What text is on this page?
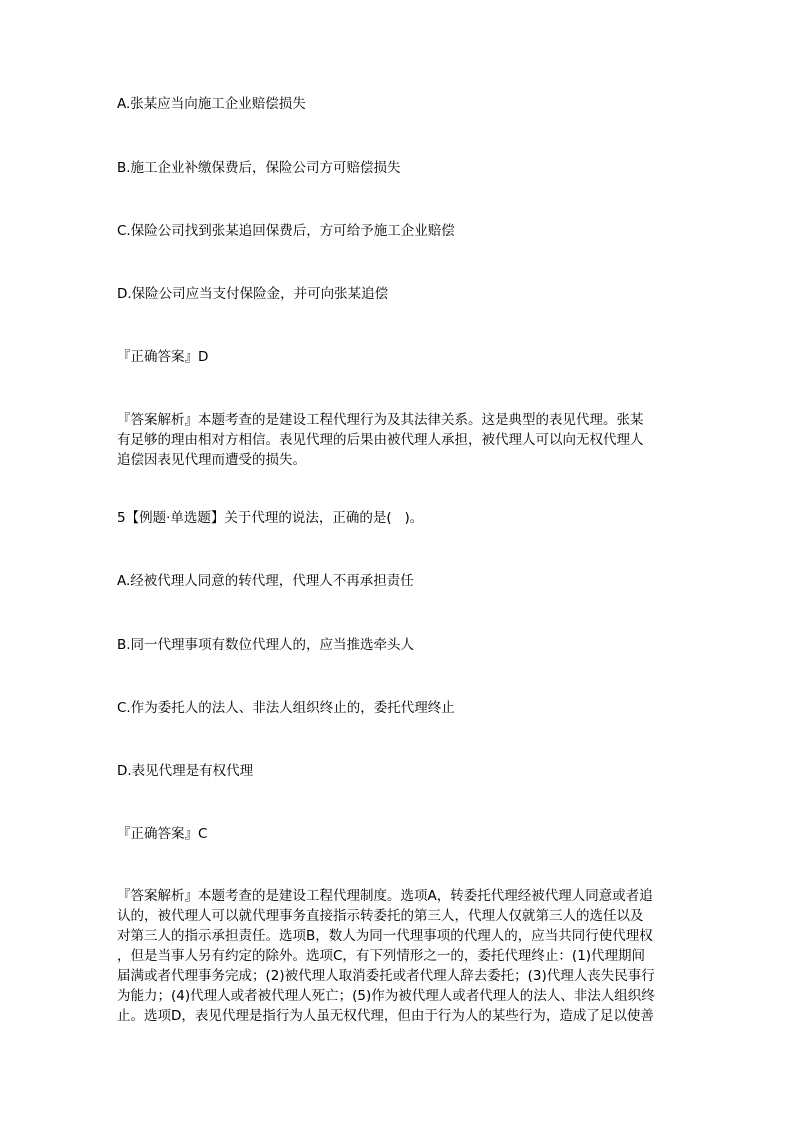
A.张某应当向施工企业赔偿损失

B.施工企业补缴保费后，保险公司方可赔偿损失

C.保险公司找到张某追回保费后，方可给予施工企业赔偿

D.保险公司应当支付保险金，并可向张某追偿

『正确答案』D

『答案解析』本题考查的是建设工程代理行为及其法律关系。这是典型的表见代理。张某
有足够的理由相对方相信。表见代理的后果由被代理人承担，被代理人可以向无权代理人
追偿因表见代理而遭受的损失。

5【例题·单选题】关于代理的说法，正确的是(   )。

A.经被代理人同意的转代理，代理人不再承担责任

B.同一代理事项有数位代理人的，应当推选牵头人

C.作为委托人的法人、非法人组织终止的，委托代理终止

D.表见代理是有权代理

『正确答案』C

『答案解析』本题考查的是建设工程代理制度。选项A，转委托代理经被代理人同意或者追
认的，被代理人可以就代理事务直接指示转委托的第三人，代理人仅就第三人的选任以及
对第三人的指示承担责任。选项B，数人为同一代理事项的代理人的，应当共同行使代理权
，但是当事人另有约定的除外。选项C，有下列情形之一的，委托代理终止：(1)代理期间
届满或者代理事务完成；(2)被代理人取消委托或者代理人辞去委托；(3)代理人丧失民事行
为能力；(4)代理人或者被代理人死亡；(5)作为被代理人或者代理人的法人、非法人组织终
止。选项D，表见代理是指行为人虽无权代理，但由于行为人的某些行为，造成了足以使善
